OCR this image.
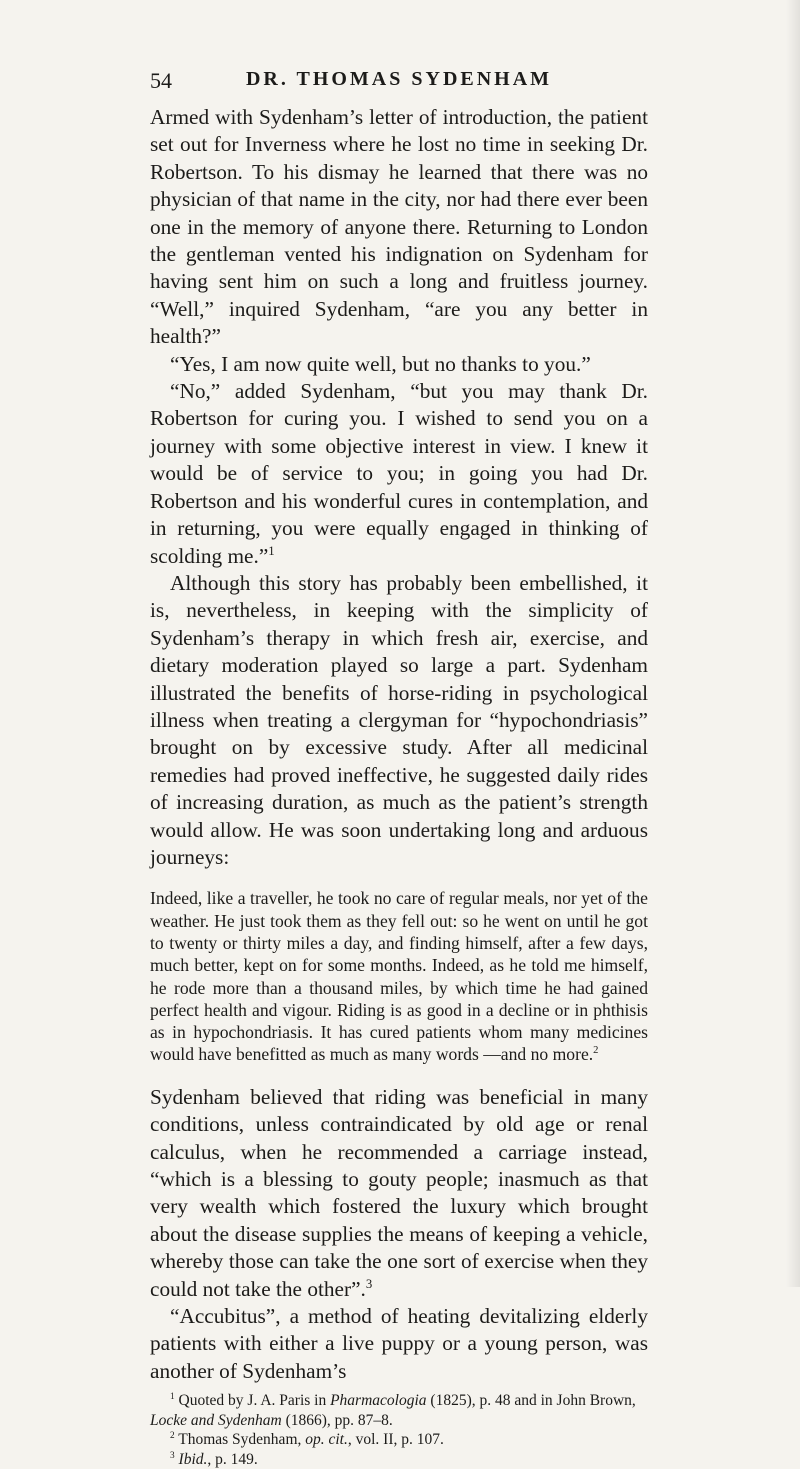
54	DR. THOMAS SYDENHAM

Armed with Sydenham’s letter of introduction, the patient set out for Inverness where he lost no time in seeking Dr. Robertson. To his dismay he learned that there was no physician of that name in the city, nor had there ever been one in the memory of anyone there. Returning to London the gentleman vented his indignation on Sydenham for having sent him on such a long and fruitless journey. “Well,” inquired Sydenham, “are you any better in health?”

“Yes, I am now quite well, but no thanks to you.”

“No,” added Sydenham, “but you may thank Dr. Robertson for curing you. I wished to send you on a journey with some objective interest in view. I knew it would be of service to you; in going you had Dr. Robertson and his wonderful cures in contemplation, and in returning, you were equally engaged in thinking of scolding me.”$^1$

Although this story has probably been embellished, it is, nevertheless, in keeping with the simplicity of Sydenham’s therapy in which fresh air, exercise, and dietary moderation played so large a part. Sydenham illustrated the benefits of horse-riding in psychological illness when treating a clergyman for “hypochondriasis” brought on by excessive study. After all medicinal remedies had proved ineffective, he suggested daily rides of increasing duration, as much as the patient’s strength would allow. He was soon undertaking long and arduous journeys:

Indeed, like a traveller, he took no care of regular meals, nor yet of the weather. He just took them as they fell out: so he went on until he got to twenty or thirty miles a day, and finding himself, after a few days, much better, kept on for some months. Indeed, as he told me himself, he rode more than a thousand miles, by which time he had gained perfect health and vigour. Riding is as good in a decline or in phthisis as in hypochondriasis. It has cured patients whom many medicines would have benefitted as much as many words —and no more.$^2$

Sydenham believed that riding was beneficial in many conditions, unless contraindicated by old age or renal calculus, when he recommended a carriage instead, “which is a blessing to gouty people; inasmuch as that very wealth which fostered the luxury which brought about the disease supplies the means of keeping a vehicle, whereby those can take the one sort of exercise when they could not take the other”.$^3$

“Accubitus”, a method of heating devitalizing elderly patients with either a live puppy or a young person, was another of Sydenham’s

$^1$ Quoted by J. A. Paris in Pharmacologia (1825), p. 48 and in John Brown, Locke and Sydenham (1866), pp. 87–8.

$^2$ Thomas Sydenham, op. cit., vol. II, p. 107.

$^3$ Ibid., p. 149.
